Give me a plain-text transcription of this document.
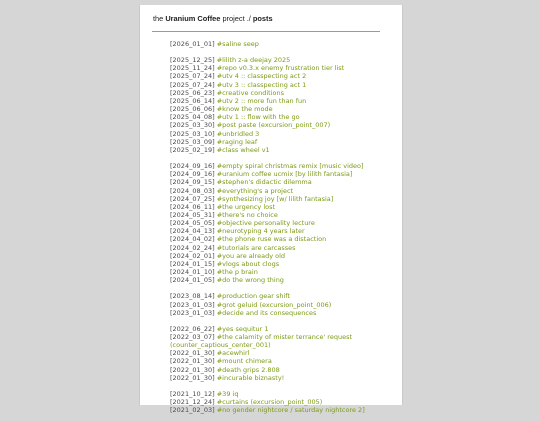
the Uranium Coffee project ./ posts
[2026_01_01] #saline seep
[2025_12_25] #lilith z-a deejay 2025
[2025_11_24] #repo v0.3.x enemy frustration tier list
[2025_07_24] #utv 4 :: classpecting act 2
[2025_07_24] #utv 3 :: classpecting act 1
[2025_06_23] #creative conditions
[2025_06_14] #utv 2 :: more fun than fun
[2025_06_06] #know the mode
[2025_04_08] #utv 1 :: flow with the go
[2025_03_30] #post paste (excursion_point_007)
[2025_03_10] #unbridled 3
[2025_03_09] #raging leaf
[2025_02_19] #class wheel v1
[2024_09_16] #empty spiral christmas remix [music video]
[2024_09_16] #uranium coffee ucmix [by lilith fantasia]
[2024_09_15] #stephen's didactic dilemma
[2024_08_03] #everything's a project
[2024_07_25] #synthesizing joy [w/ lilith fantasia]
[2024_06_11] #the urgency lost
[2024_05_31] #there's no choice
[2024_05_05] #objective personality lecture
[2024_04_13] #neurotyping 4 years later
[2024_04_02] #the phone ruse was a distaction
[2024_02_24] #tutorials are carcasses
[2024_02_01] #you are already old
[2024_01_15] #vlogs about clogs
[2024_01_10] #the p brain
[2024_01_05] #do the wrong thing
[2023_08_14] #production gear shift
[2023_01_03] #grot geluid (excursion_point_006)
[2023_01_03] #decide and its consequences
[2022_06_22] #yes sequitur 1
[2022_03_07] #the calamity of mister terrance' request (counter_captious_center_001)
[2022_01_30] #acewhirl
[2022_01_30] #mount chimera
[2022_01_30] #death grips 2.808
[2022_01_30] #incurable biznasty!
[2021_10_12] #39 iq
[2021_12_24] #curtains (excursion_point_005)
[2021_02_03] #no gender nightcore / saturday nightcore 2]
